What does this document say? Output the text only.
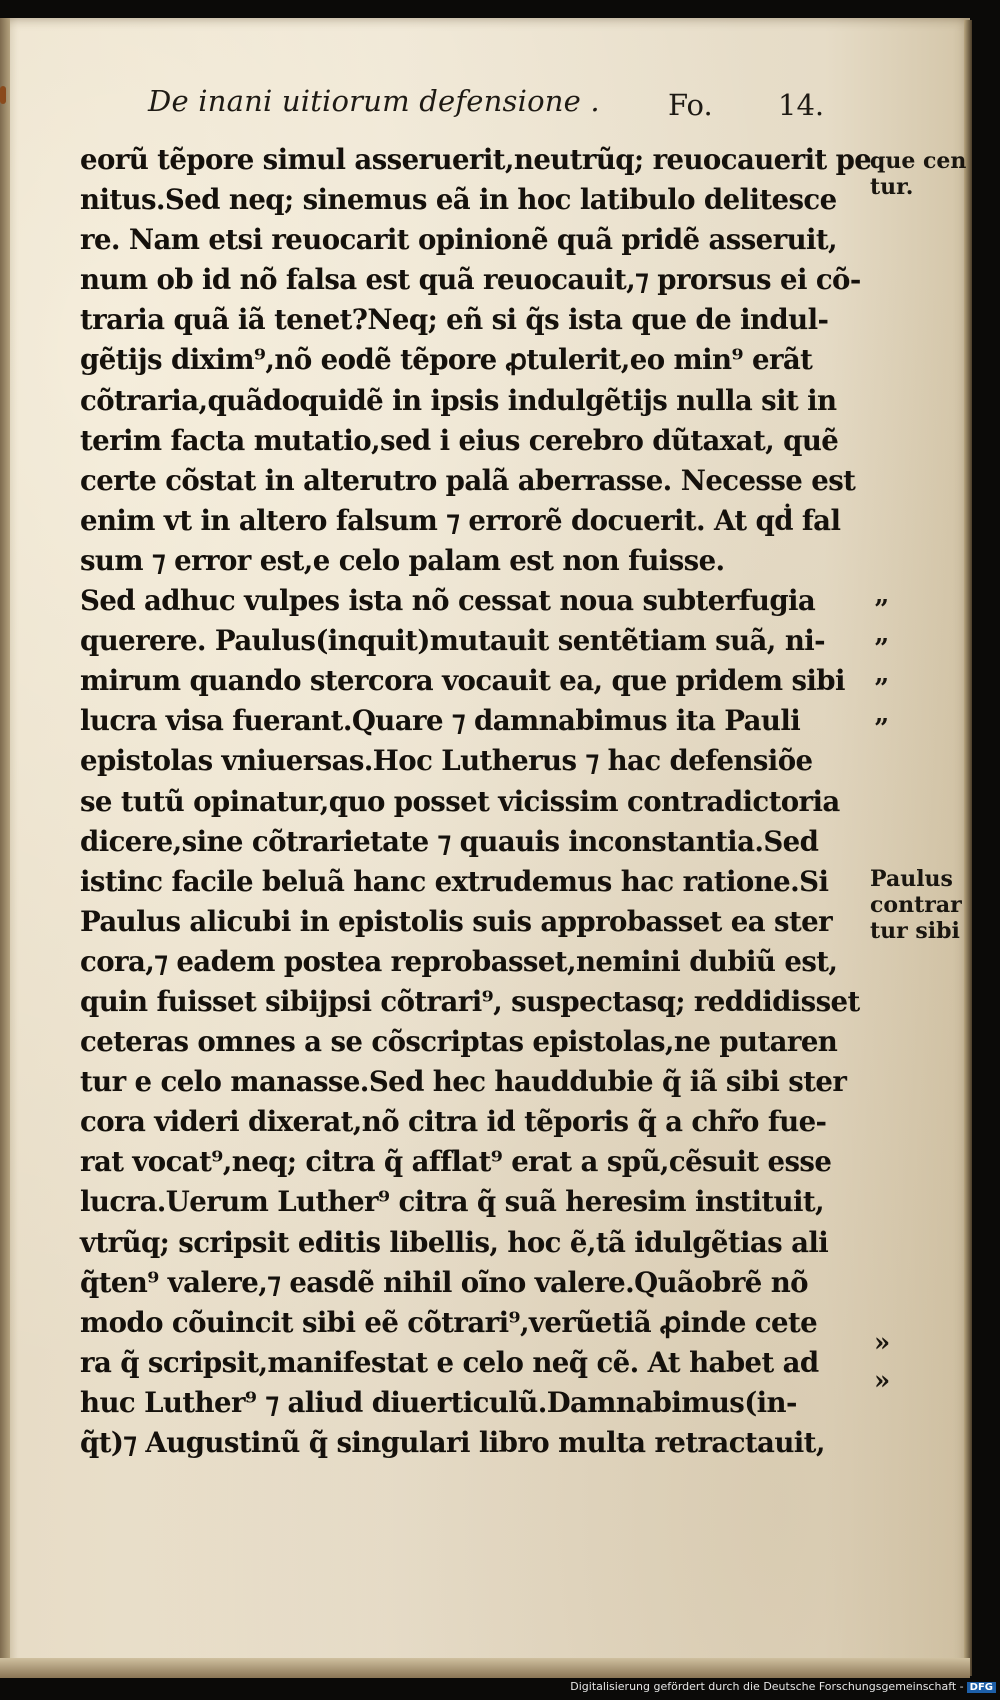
De inani uitiorum defensione . Fo. 14.
eorũ tẽpore simul asseruerit,neutrũq; reuocauerit pe
nitus.Sed neq; sinemus eã in hoc latibulo delitesce
re. Nam etsi reuocarit opinionẽ quã pridẽ asseruit,
num ob id nõ falsa est quã reuocauit,⁊ prorsus ei cõ-
traria quã iã tenet?Neq; eñ si q̃s ista que de indul-
gẽtijs dixim⁹,nõ eodẽ tẽpore ꝓtulerit,eo min⁹ erãt
cõtraria,quãdoquidẽ in ipsis indulgẽtijs nulla sit in
terim facta mutatio,sed i eius cerebro dũtaxat, quẽ
certe cõstat in alterutro palã aberrasse. Necesse est
enim vt in altero falsum ⁊ errorẽ docuerit. At qḋ fal
sum ⁊ error est,e celo palam est non fuisse.
Sed adhuc vulpes ista nõ cessat noua subterfugia
querere. Paulus(inquit)mutauit sentẽtiam suã, ni-
mirum quando stercora vocauit ea, que pridem sibi
lucra visa fuerant.Quare ⁊ damnabimus ita Pauli
epistolas vniuersas.Hoc Lutherus ⁊ hac defensiõe
se tutũ opinatur,quo posset vicissim contradictoria
dicere,sine cõtrarietate ⁊ quauis inconstantia.Sed
istinc facile beluã hanc extrudemus hac ratione.Si
Paulus alicubi in epistolis suis approbasset ea ster
cora,⁊ eadem postea reprobasset,nemini dubiũ est,
quin fuisset sibijpsi cõtrari⁹, suspectasq; reddidisset
ceteras omnes a se cõscriptas epistolas,ne putaren
tur e celo manasse.Sed hec hauddubie q̃ iã sibi ster
cora videri dixerat,nõ citra id tẽporis q̃ a chr̃o fue-
rat vocat⁹,neq; citra q̃ afflat⁹ erat a spũ,cẽsuit esse
lucra.Uerum Luther⁹ citra q̃ suã heresim instituit,
vtrũq; scripsit editis libellis, hoc ẽ,tã idulgẽtias ali
q̃ten⁹ valere,⁊ easdẽ nihil oĩno valere.Quãobrẽ nõ
modo cõuincit sibi eẽ cõtrari⁹,verũetiã ꝓinde cete
ra q̃ scripsit,manifestat e celo neq̃ cẽ. At habet ad
huc Luther⁹ ⁊ aliud diuerticulũ.Damnabimus(in-
q̃t)⁊ Augustinũ q̃ singulari libro multa retractauit,
que cen
tur.
”
”
”
”
Paulus
contrar
tur sibi
»
»
Digitalisierung gefördert durch die Deutsche Forschungsgemeinschaft - DFG
